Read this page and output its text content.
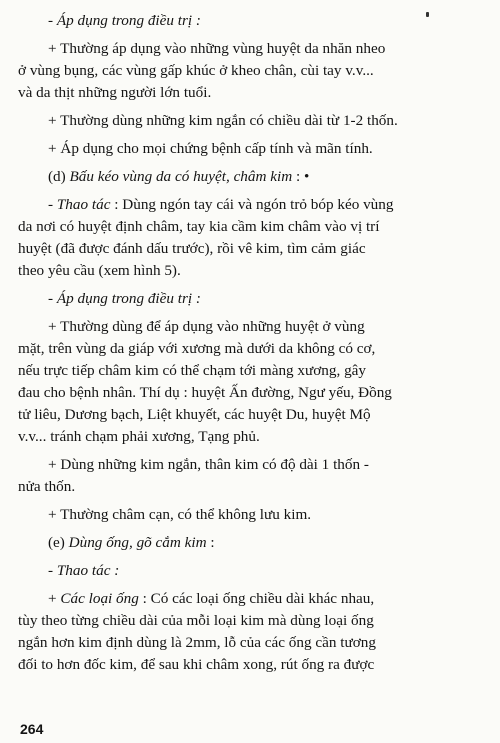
- Áp dụng trong điều trị :

+ Thường áp dụng vào những vùng huyệt da nhăn nheo
ở vùng bụng, các vùng gấp khúc ở kheo chân, cùi tay v.v...
và da thịt những người lớn tuổi.

+ Thường dùng những kim ngắn có chiều dài từ 1-2 thốn.

+ Áp dụng cho mọi chứng bệnh cấp tính và mãn tính.

(d) Bấu kéo vùng da có huyệt, châm kim : •

- Thao tác : Dùng ngón tay cái và ngón trỏ bóp kéo vùng
da nơi có huyệt định châm, tay kia cầm kim châm vào vị trí
huyệt (đã được đánh dấu trước), rồi vê kim, tìm cảm giác
theo yêu cầu (xem hình 5).

- Áp dụng trong điều trị :

+ Thường dùng để áp dụng vào những huyệt ở vùng
mặt, trên vùng da giáp với xương mà dưới da không có cơ,
nếu trực tiếp châm kim có thể chạm tới màng xương, gây
đau cho bệnh nhân. Thí dụ : huyệt Ấn đường, Ngư yếu, Đồng
tử liêu, Dương bạch, Liệt khuyết, các huyệt Du, huyệt Mộ
v.v... tránh chạm phải xương, Tạng phủ.

+ Dùng những kim ngắn, thân kim có độ dài 1 thốn -
nửa thốn.

+ Thường châm cạn, có thể không lưu kim.

(e) Dùng ống, gõ cắm kim :

- Thao tác :

+ Các loại ống : Có các loại ống chiều dài khác nhau,
tùy theo từng chiều dài của mỗi loại kim mà dùng loại ống
ngắn hơn kim định dùng là 2mm, lỗ của các ống cần tương
đối to hơn đốc kim, để sau khi châm xong, rút ống ra được

264
